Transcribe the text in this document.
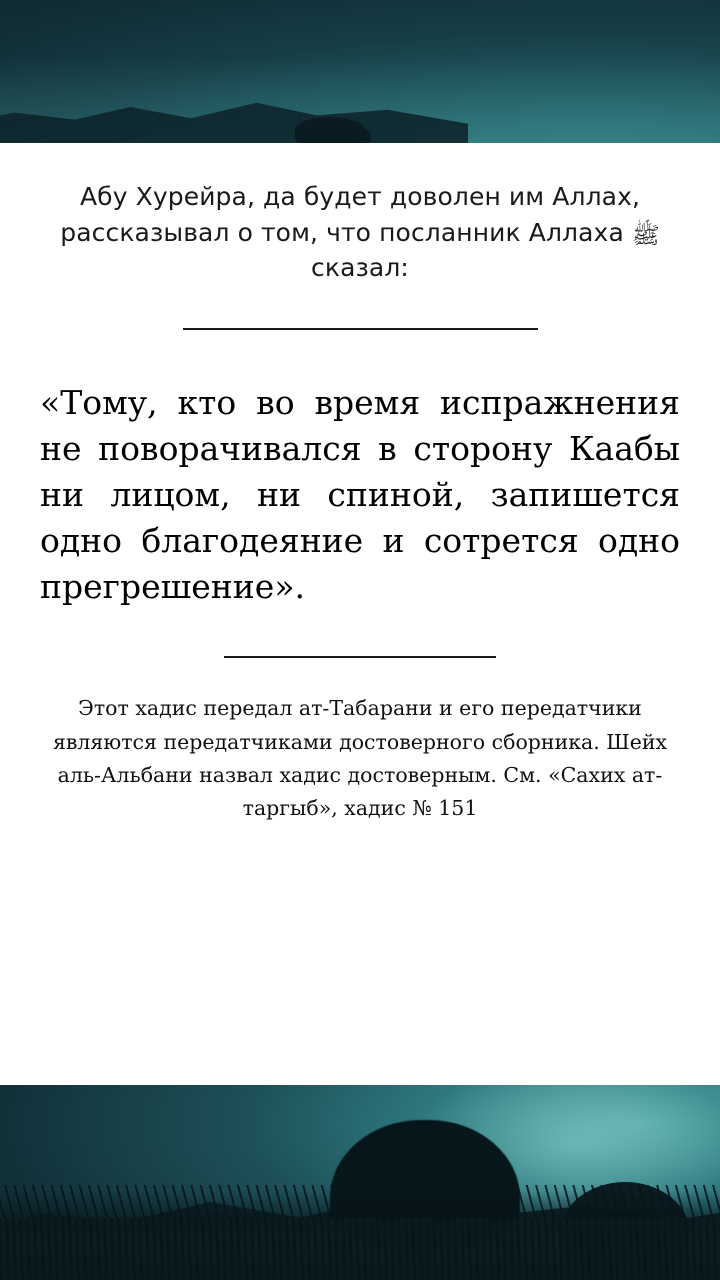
Абу Хурейра, да будет доволен им Аллах, рассказывал о том, что посланник Аллаха ﷺ сказал:
«Тому, кто во время испражнения не поворачивался в сторону Каабы ни лицом, ни спиной, запишется одно благодеяние и сотрется одно прегрешение».
Этот хадис передал ат-Табарани и его передатчики являются передатчиками достоверного сборника. Шейх аль-Альбани назвал хадис достоверным. См. «Сахих ат-таргыб», хадис № 151
